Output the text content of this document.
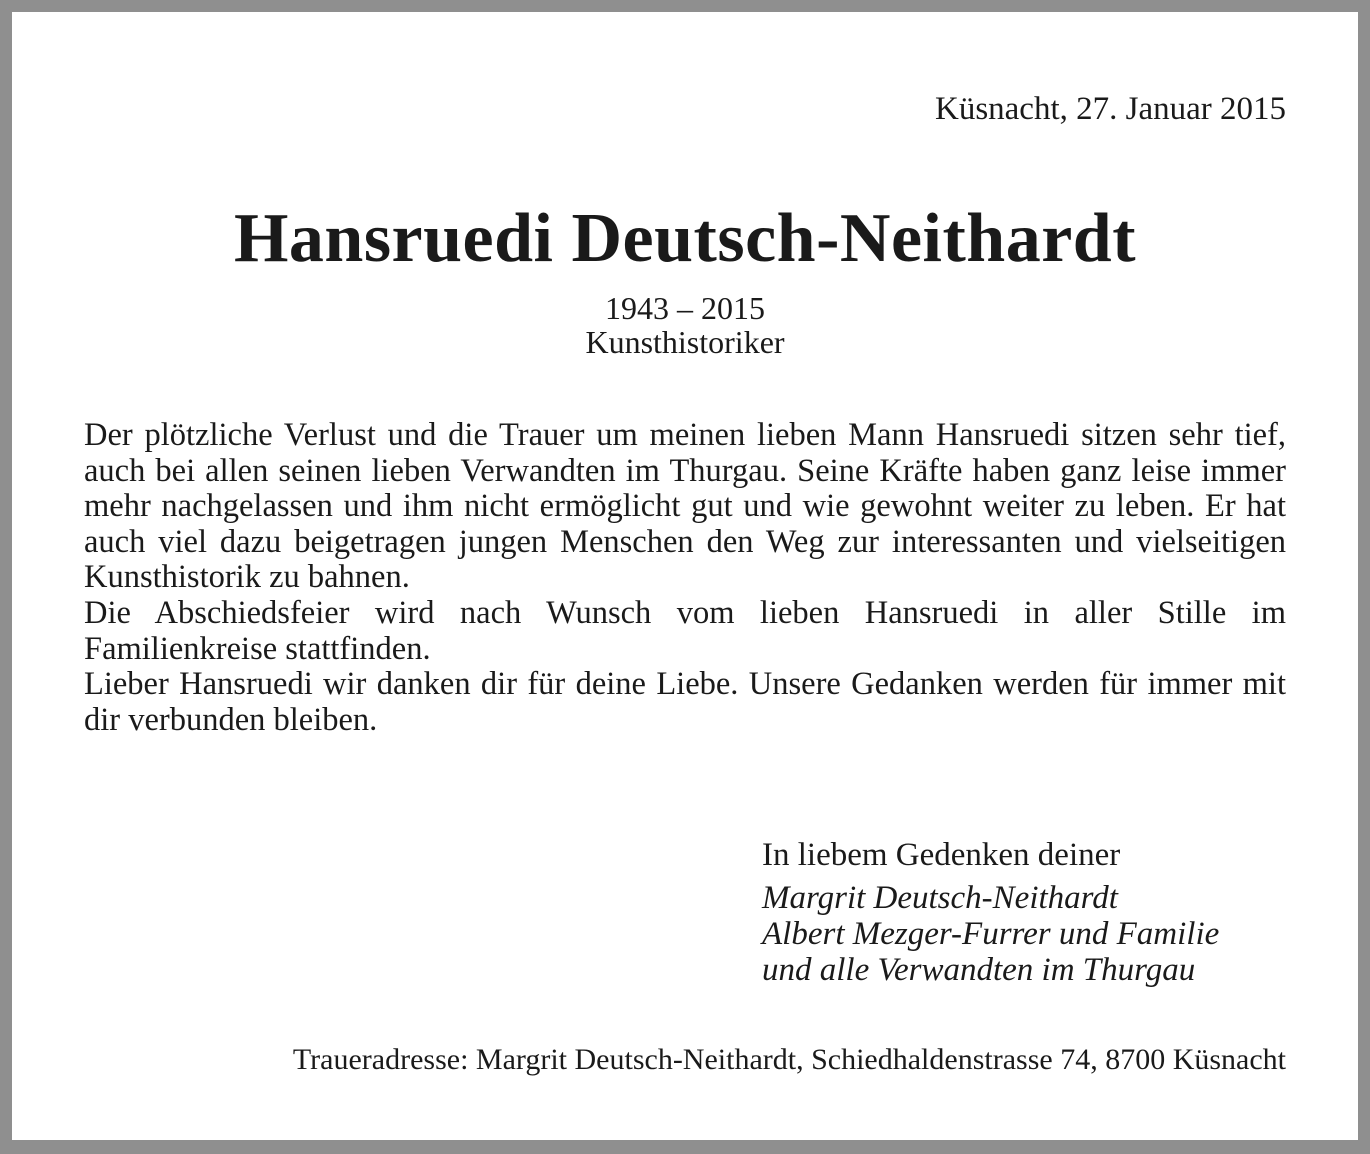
Küsnacht, 27. Januar 2015
Hansruedi Deutsch-Neithardt
1943 – 2015
Kunsthistoriker

Der plötzliche Verlust und die Trauer um meinen lieben Mann Hansruedi sitzen sehr tief, auch bei allen seinen lieben Verwandten im Thurgau. Seine Kräfte haben ganz leise immer mehr nachgelassen und ihm nicht ermöglicht gut und wie gewohnt weiter zu leben. Er hat auch viel dazu beigetragen jungen Menschen den Weg zur interessanten und vielseitigen Kunsthistorik zu bahnen.

Die Abschiedsfeier wird nach Wunsch vom lieben Hansruedi in aller Stille im Familienkreise stattfinden.

Lieber Hansruedi wir danken dir für deine Liebe. Unsere Gedanken werden für immer mit dir verbunden bleiben.

In liebem Gedenken deiner
Margrit Deutsch-Neithardt
Albert Mezger-Furrer und Familie
und alle Verwandten im Thurgau
Traueradresse: Margrit Deutsch-Neithardt, Schiedhaldenstrasse 74, 8700 Küsnacht
